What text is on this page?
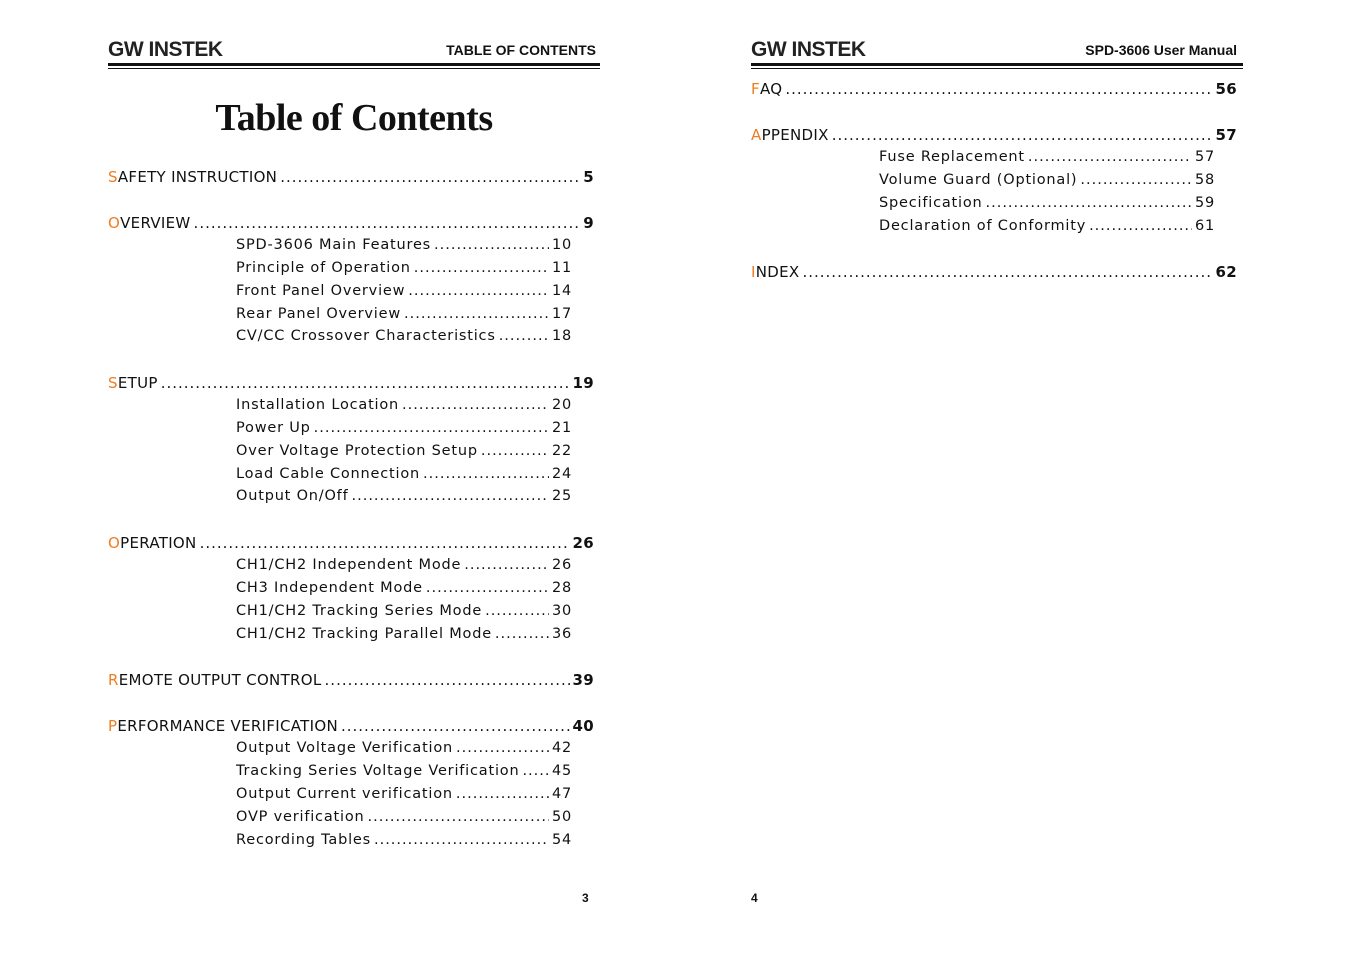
GW INSTEK	TABLE OF CONTENTS
Table of Contents
S AFETY INSTRUCTION .....	5
O VERVIEW .....	9
SPD-3606 Main Features .....	10
Principle of Operation .....	11
Front Panel Overview .....	14
Rear Panel Overview .....	17
CV/CC Crossover Characteristics .....	18
S ETUP .....	19
Installation Location .....	20
Power Up .....	21
Over Voltage Protection Setup .....	22
Load Cable Connection .....	24
Output On/Off .....	25
O PERATION .....	26
CH1/CH2 Independent Mode .....	26
CH3 Independent Mode .....	28
CH1/CH2 Tracking Series Mode .....	30
CH1/CH2 Tracking Parallel Mode .....	36
R EMOTE OUTPUT CONTROL .....	39
P ERFORMANCE VERIFICATION .....	40
Output Voltage Verification .....	42
Tracking Series Voltage Verification ..... 45
Output Current verification .....	47
OVP verification .....	50
Recording Tables .....	54
3
GW INSTEK	SPD-3606 User Manual
F AQ .....	56
A PPENDIX .....	57
Fuse Replacement .....	57
Volume Guard (Optional) .....	58
Specification .....	59
Declaration of Conformity .....	61
I NDEX .....	62
4
